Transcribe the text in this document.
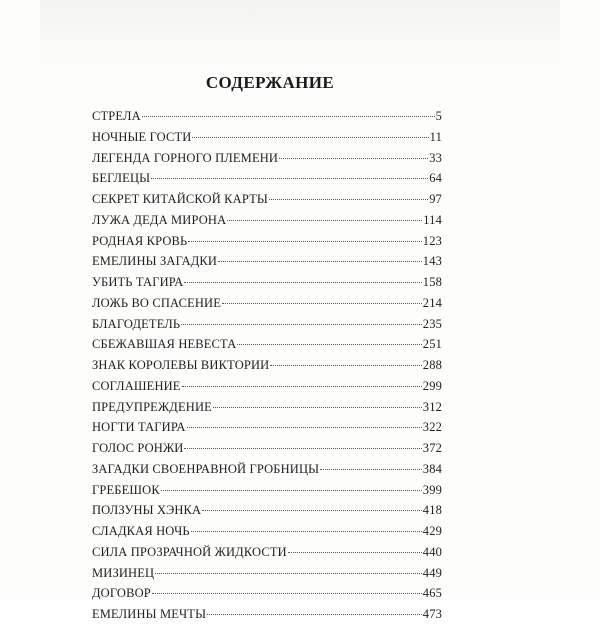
СОДЕРЖАНИЕ
СТРЕЛА	5
НОЧНЫЕ ГОСТИ	11
ЛЕГЕНДА ГОРНОГО ПЛЕМЕНИ	33
БЕГЛЕЦЫ	64
СЕКРЕТ КИТАЙСКОЙ КАРТЫ	97
ЛУЖА ДЕДА МИРОНА	114
РОДНАЯ КРОВЬ	123
ЕМЕЛИНЫ ЗАГАДКИ	143
УБИТЬ ТАГИРА	158
ЛОЖЬ ВО СПАСЕНИЕ	214
БЛАГОДЕТЕЛЬ	235
СБЕЖАВШАЯ НЕВЕСТА	251
ЗНАК КОРОЛЕВЫ ВИКТОРИИ	288
СОГЛАШЕНИЕ	299
ПРЕДУПРЕЖДЕНИЕ	312
НОГТИ ТАГИРА	322
ГОЛОС РОНЖИ	372
ЗАГАДКИ СВОЕНРАВНОЙ ГРОБНИЦЫ	384
ГРЕБЕШОК	399
ПОЛЗУНЫ ХЭНКА	418
СЛАДКАЯ НОЧЬ	429
СИЛА ПРОЗРАЧНОЙ ЖИДКОСТИ	440
МИЗИНЕЦ	449
ДОГОВОР	465
ЕМЕЛИНЫ МЕЧТЫ	473
